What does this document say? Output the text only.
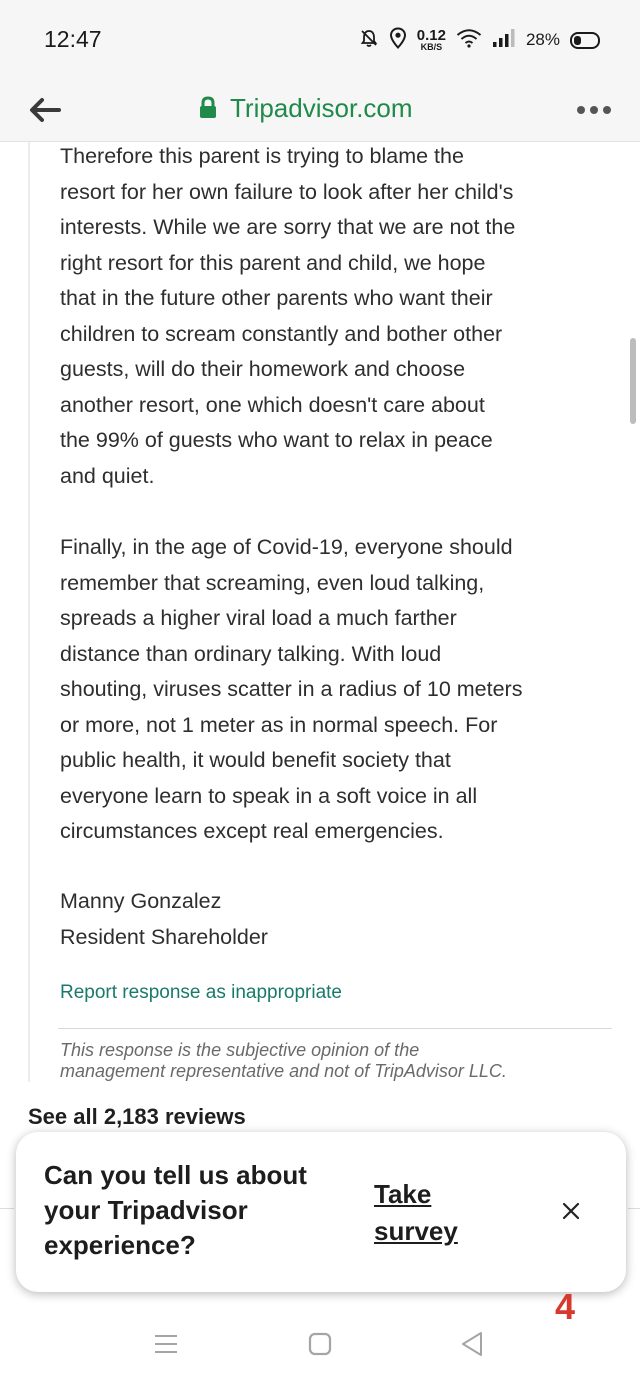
12:47	0.12
KB/S	28%
Tripadvisor.com
Therefore this parent is trying to blame the
resort for her own failure to look after her child's
interests. While we are sorry that we are not the
right resort for this parent and child, we hope
that in the future other parents who want their
children to scream constantly and bother other
guests, will do their homework and choose
another resort, one which doesn't care about
the 99% of guests who want to relax in peace
and quiet.
Finally, in the age of Covid-19, everyone should
remember that screaming, even loud talking,
spreads a higher viral load a much farther
distance than ordinary talking. With loud
shouting, viruses scatter in a radius of 10 meters
or more, not 1 meter as in normal speech. For
public health, it would benefit society that
everyone learn to speak in a soft voice in all
circumstances except real emergencies.
Manny Gonzalez
Resident Shareholder
Report response as inappropriate
This response is the subjective opinion of the
management representative and not of TripAdvisor LLC.
See all 2,183 reviews
Can you tell us about
your Tripadvisor
experience?
Take
survey
4
